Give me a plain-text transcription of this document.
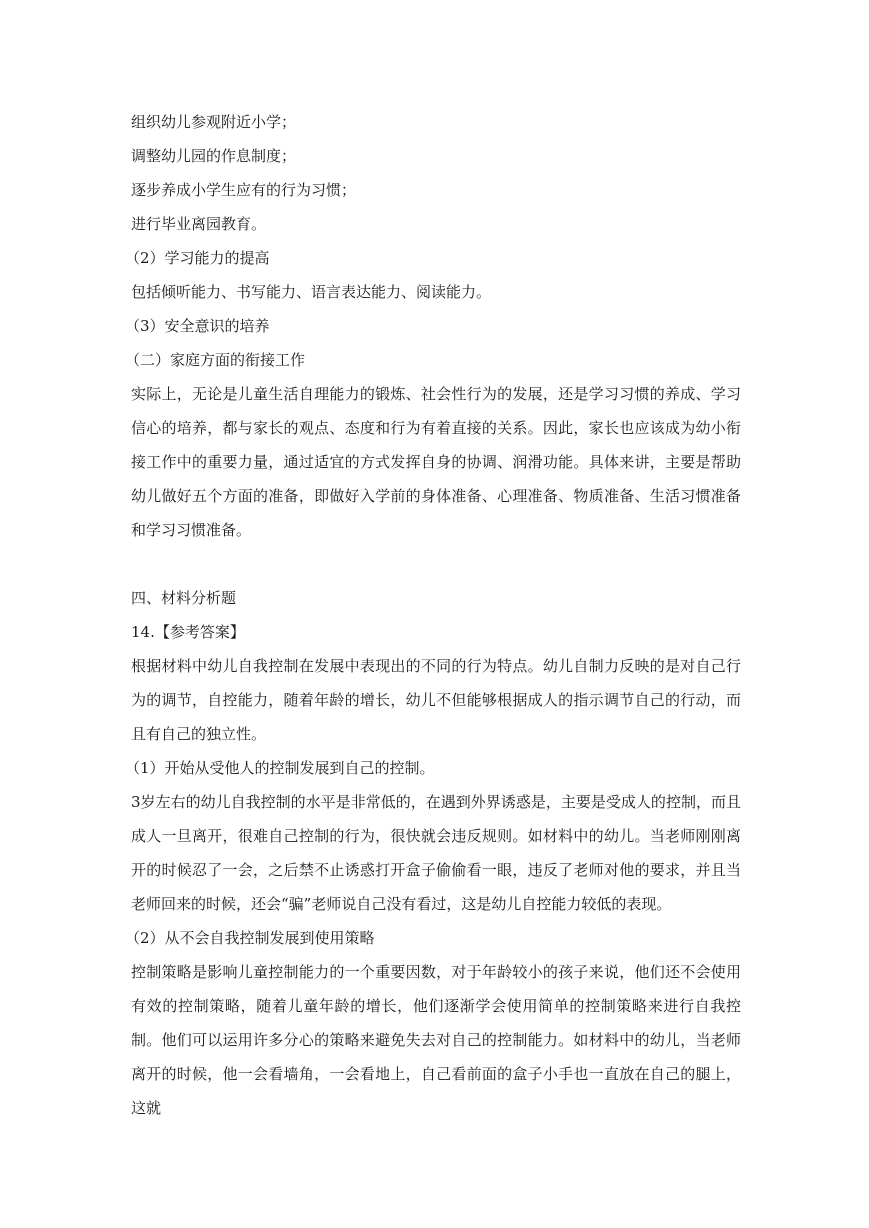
组织幼儿参观附近小学；

调整幼儿园的作息制度；

逐步养成小学生应有的行为习惯；

进行毕业离园教育。

（2）学习能力的提高

包括倾听能力、书写能力、语言表达能力、阅读能力。

（3）安全意识的培养

（二）家庭方面的衔接工作

实际上，无论是儿童生活自理能力的锻炼、社会性行为的发展，还是学习习惯的养成、学习信心的培养，都与家长的观点、态度和行为有着直接的关系。因此，家长也应该成为幼小衔接工作中的重要力量，通过适宜的方式发挥自身的协调、润滑功能。具体来讲，主要是帮助幼儿做好五个方面的准备，即做好入学前的身体准备、心理准备、物质准备、生活习惯准备和学习习惯准备。

四、材料分析题

14.【参考答案】

根据材料中幼儿自我控制在发展中表现出的不同的行为特点。幼儿自制力反映的是对自己行为的调节，自控能力，随着年龄的增长，幼儿不但能够根据成人的指示调节自己的行动，而且有自己的独立性。

（1）开始从受他人的控制发展到自己的控制。

3岁左右的幼儿自我控制的水平是非常低的，在遇到外界诱惑是，主要是受成人的控制，而且成人一旦离开，很难自己控制的行为，很快就会违反规则。如材料中的幼儿。当老师刚刚离开的时候忍了一会，之后禁不止诱惑打开盒子偷偷看一眼，违反了老师对他的要求，并且当老师回来的时候，还会“骗”老师说自己没有看过，这是幼儿自控能力较低的表现。

（2）从不会自我控制发展到使用策略

控制策略是影响儿童控制能力的一个重要因数，对于年龄较小的孩子来说，他们还不会使用有效的控制策略，随着儿童年龄的增长，他们逐渐学会使用简单的控制策略来进行自我控制。他们可以运用许多分心的策略来避免失去对自己的控制能力。如材料中的幼儿，当老师离开的时候，他一会看墙角，一会看地上，自己看前面的盒子小手也一直放在自己的腿上，这就
